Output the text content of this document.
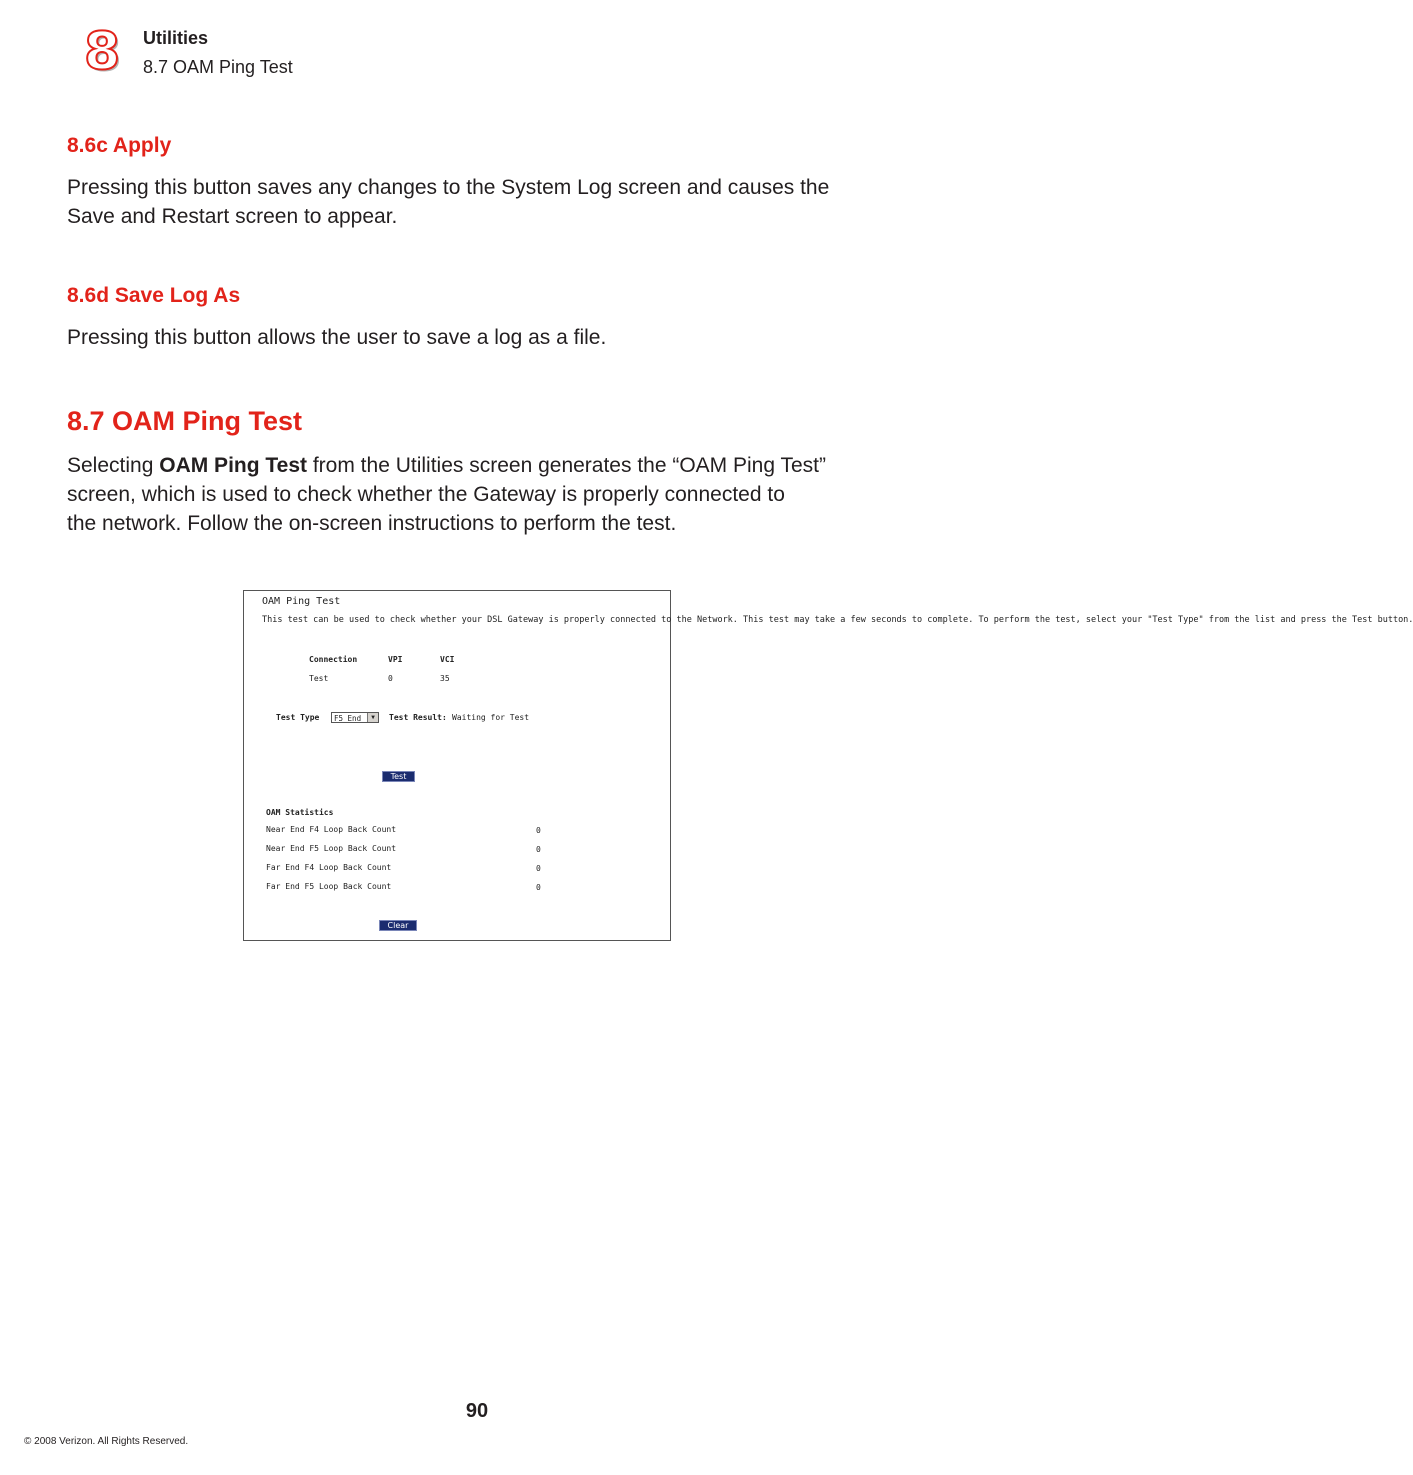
8 Utilities
8.7 OAM Ping Test
8.6c Apply
Pressing this button saves any changes to the System Log screen and causes the
Save and Restart screen to appear.
8.6d Save Log As
Pressing this button allows the user to save a log as a file.
8.7 OAM Ping Test
Selecting OAM Ping Test from the Utilities screen generates the “OAM Ping Test”
screen, which is used to check whether the Gateway is properly connected to
the network. Follow the on-screen instructions to perform the test.
OAM Ping Test
This test can be used to check whether your DSL Gateway is properly connected to the Network. This test may take a few seconds to complete. To perform the test, select your "Test Type" from the list and press the Test button.
Connection	VPI	VCI
Test	0	35
Test Type	F5 End	▼	Test Result: Waiting for Test
Test
OAM Statistics
Near End F4 Loop Back Count	0
Near End F5 Loop Back Count	0
Far End F4 Loop Back Count	0
Far End F5 Loop Back Count	0
Clear
90
© 2008 Verizon. All Rights Reserved.
